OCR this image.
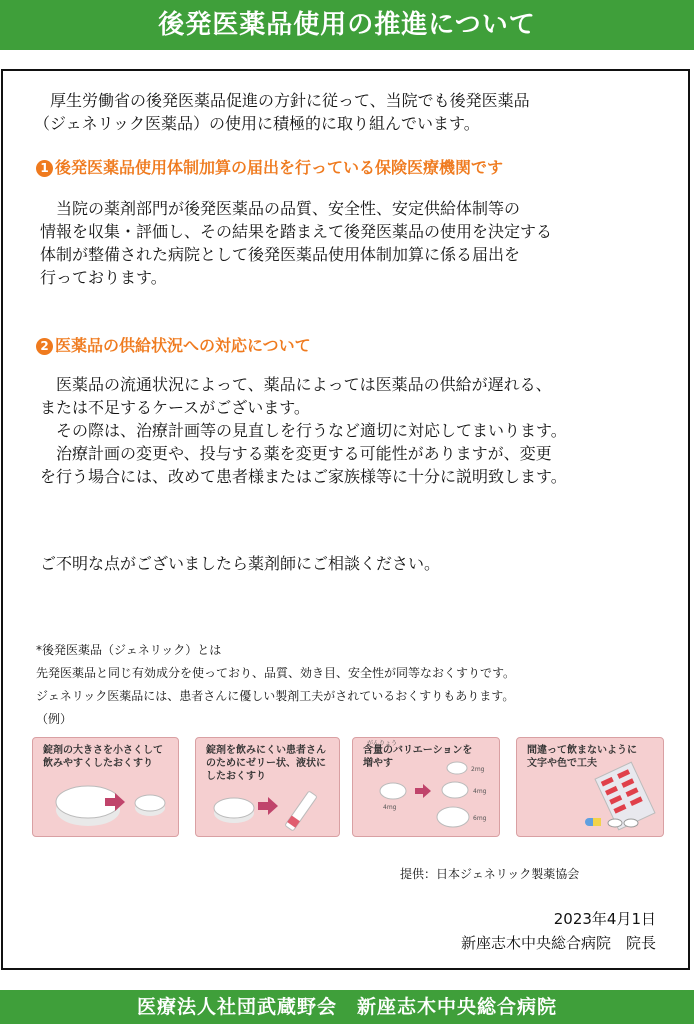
後発医薬品使用の推進について
　厚生労働省の後発医薬品促進の方針に従って、当院でも後発医薬品
（ジェネリック医薬品）の使用に積極的に取り組んでいます。
1 後発医薬品使用体制加算の届出を行っている保険医療機関です
　当院の薬剤部門が後発医薬品の品質、安全性、安定供給体制等の
情報を収集・評価し、その結果を踏まえて後発医薬品の使用を決定する
体制が整備された病院として後発医薬品使用体制加算に係る届出を
行っております。
2 医薬品の供給状況への対応について
　医薬品の流通状況によって、薬品によっては医薬品の供給が遅れる、
または不足するケースがございます。
　その際は、治療計画等の見直しを行うなど適切に対応してまいります。
　治療計画の変更や、投与する薬を変更する可能性がありますが、変更
を行う場合には、改めて患者様またはご家族様等に十分に説明致します。
ご不明な点がございましたら薬剤師にご相談ください。
*後発医薬品（ジェネリック）とは
先発医薬品と同じ有効成分を使っており、品質、効き目、安全性が同等なおくすりです。
ジェネリック医薬品には、患者さんに優しい製剤工夫がされているおくすりもあります。
（例）
錠剤の大きさを小さくして
飲みやすくしたおくすり
錠剤を飲みにくい患者さん
のためにゼリー状、液状に
したおくすり
2mg
4mg
4mg
6mg
がんりょう
含量のバリエーションを
増やす
間違って飲まないように
文字や色で工夫
提供：日本ジェネリック製薬協会
2023年4月1日
新座志木中央総合病院　院長
医療法人社団武蔵野会　新座志木中央総合病院
